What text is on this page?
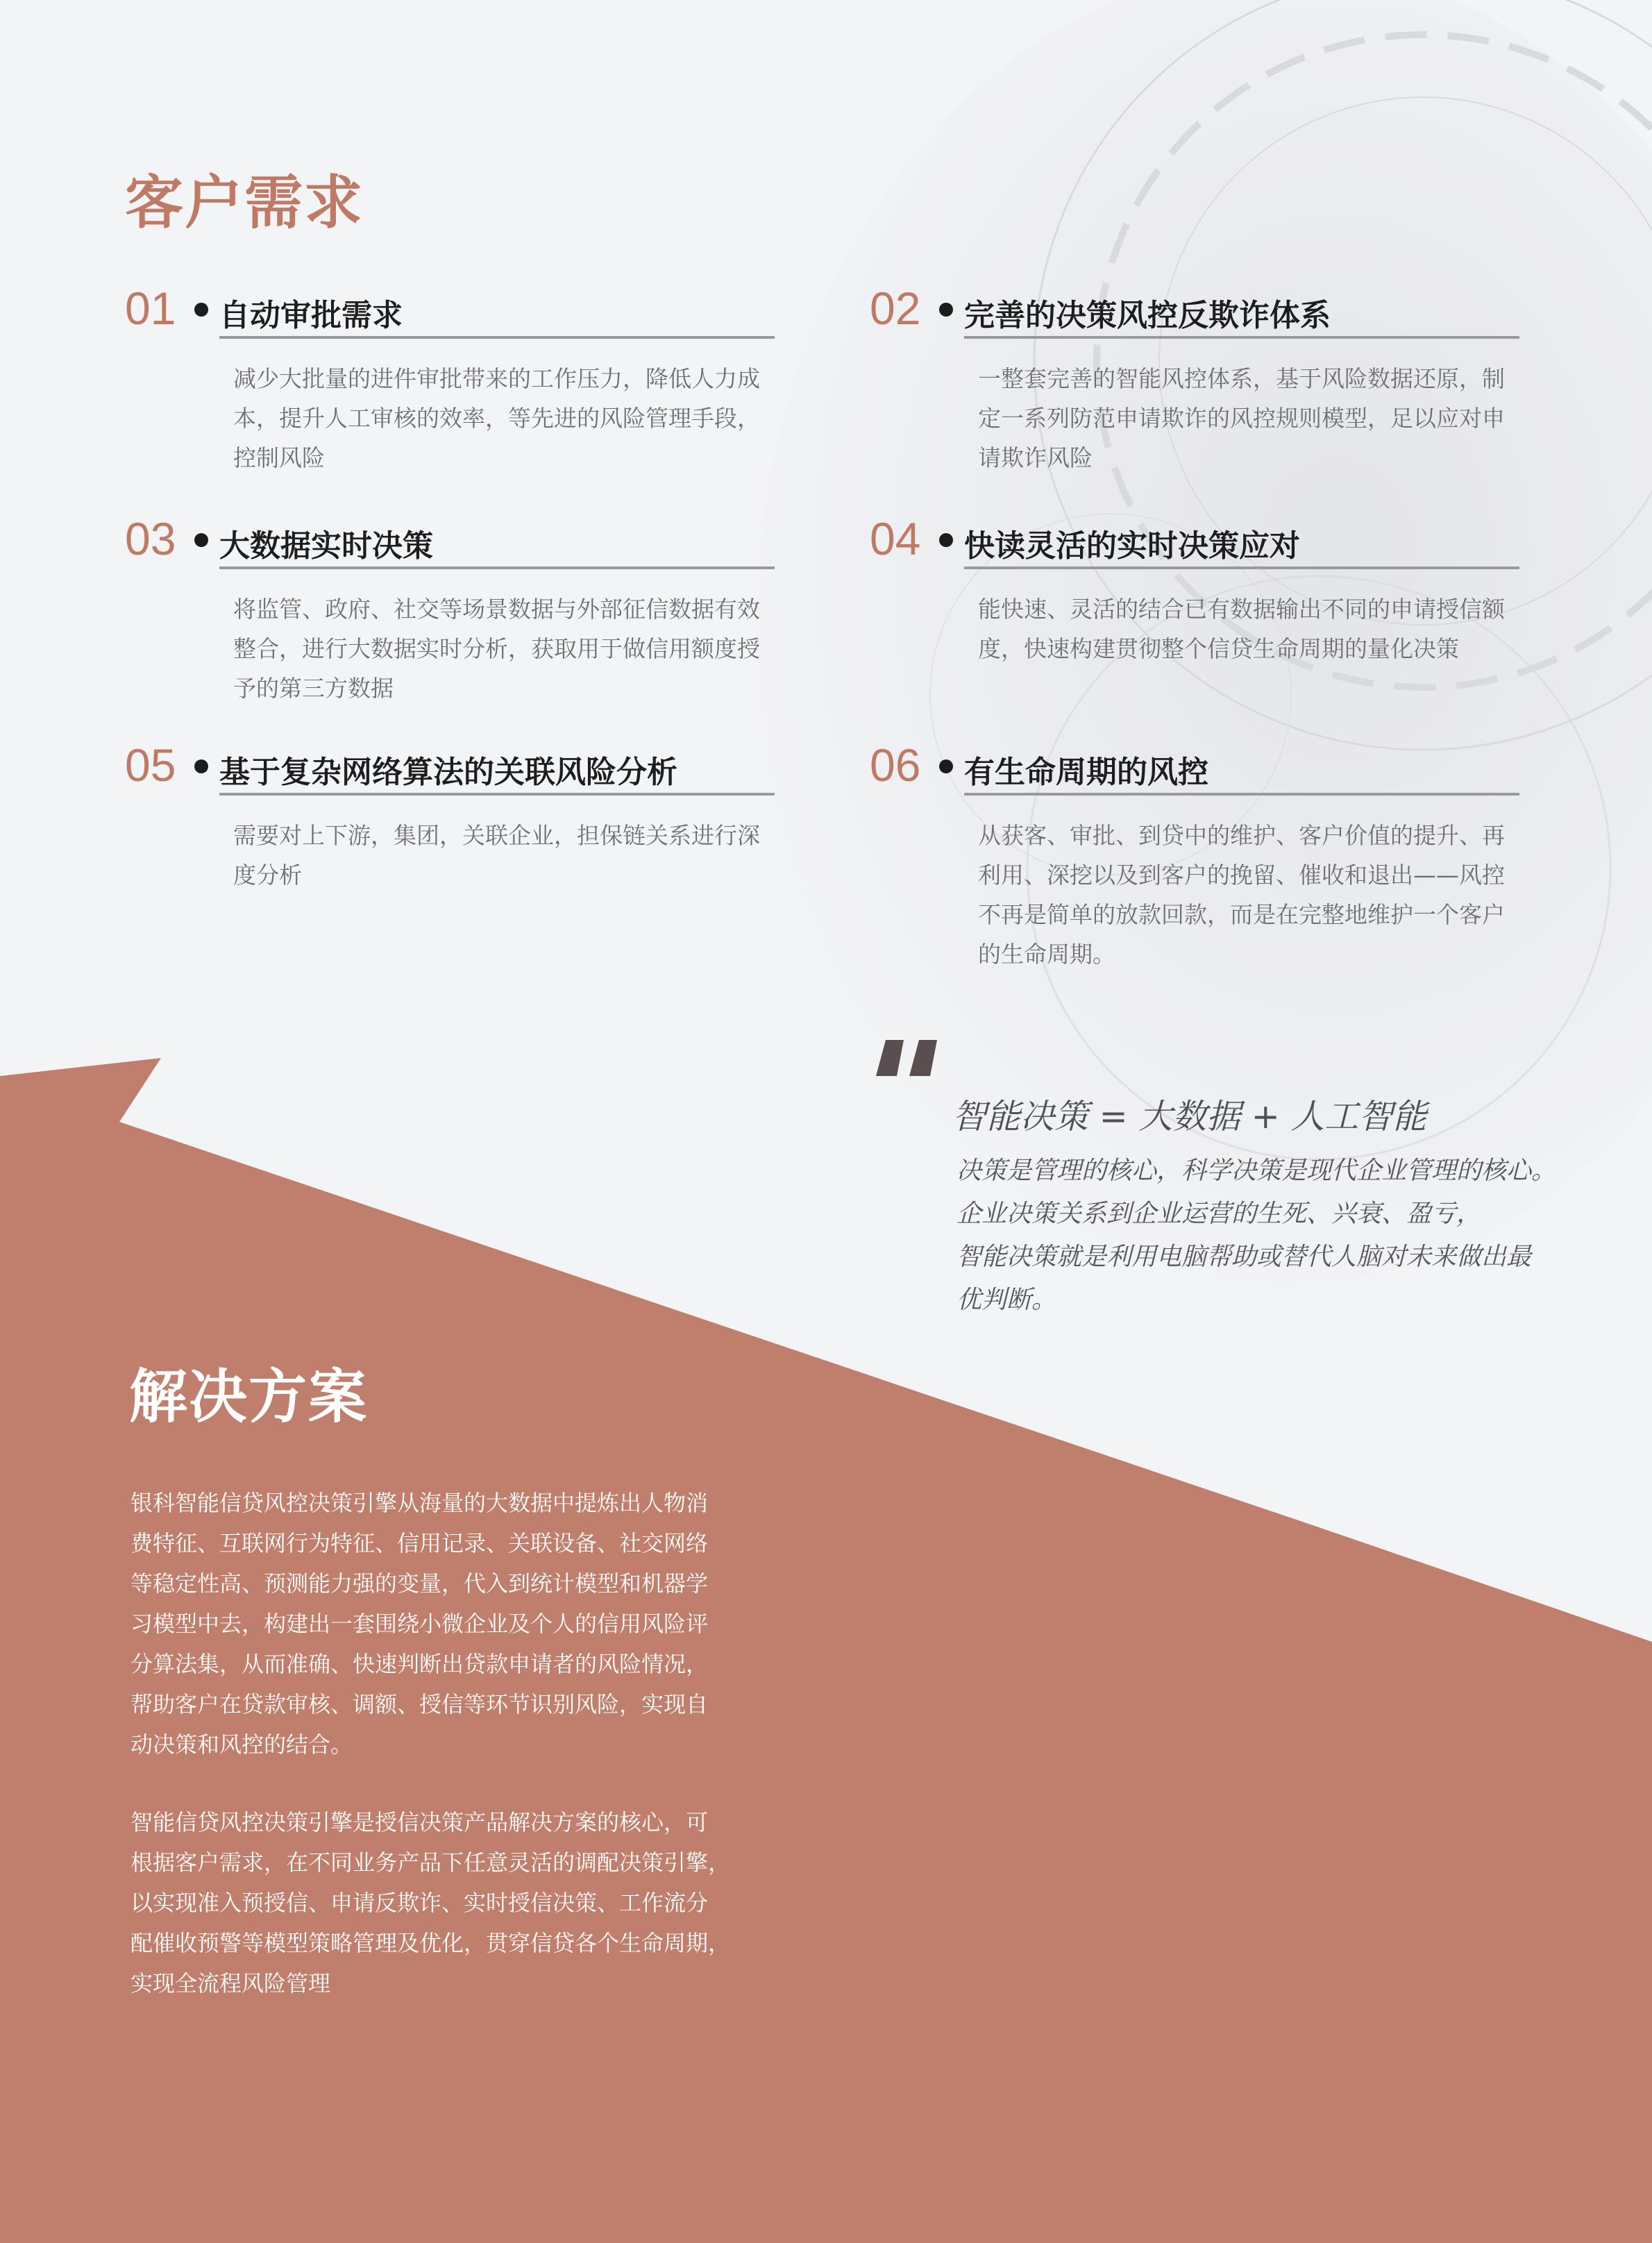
客户需求
01 自动审批需求
减少大批量的进件审批带来的工作压力，降低人力成
本，提升人工审核的效率，等先进的风险管理手段，
控制风险
02 完善的决策风控反欺诈体系
一整套完善的智能风控体系，基于风险数据还原，制
定一系列防范申请欺诈的风控规则模型，足以应对申
请欺诈风险
03 大数据实时决策
将监管、政府、社交等场景数据与外部征信数据有效
整合，进行大数据实时分析，获取用于做信用额度授
予的第三方数据
04 快读灵活的实时决策应对
能快速、灵活的结合已有数据输出不同的申请授信额
度，快速构建贯彻整个信贷生命周期的量化决策
05 基于复杂网络算法的关联风险分析
需要对上下游，集团，关联企业，担保链关系进行深
度分析
06 有生命周期的风控
从获客、审批、到贷中的维护、客户价值的提升、再
利用、深挖以及到客户的挽留、催收和退出——风控
不再是简单的放款回款，而是在完整地维护一个客户
的生命周期。
智能决策 = 大数据 + 人工智能
决策是管理的核心，科学决策是现代企业管理的核心。
企业决策关系到企业运营的生死、兴衰、盈亏，
智能决策就是利用电脑帮助或替代人脑对未来做出最
优判断。
解决方案
银科智能信贷风控决策引擎从海量的大数据中提炼出人物消
费特征、互联网行为特征、信用记录、关联设备、社交网络
等稳定性高、预测能力强的变量，代入到统计模型和机器学
习模型中去，构建出一套围绕小微企业及个人的信用风险评
分算法集，从而准确、快速判断出贷款申请者的风险情况，
帮助客户在贷款审核、调额、授信等环节识别风险，实现自
动决策和风控的结合。
智能信贷风控决策引擎是授信决策产品解决方案的核心，可
根据客户需求，在不同业务产品下任意灵活的调配决策引擎，
以实现准入预授信、申请反欺诈、实时授信决策、工作流分
配催收预警等模型策略管理及优化，贯穿信贷各个生命周期，
实现全流程风险管理
